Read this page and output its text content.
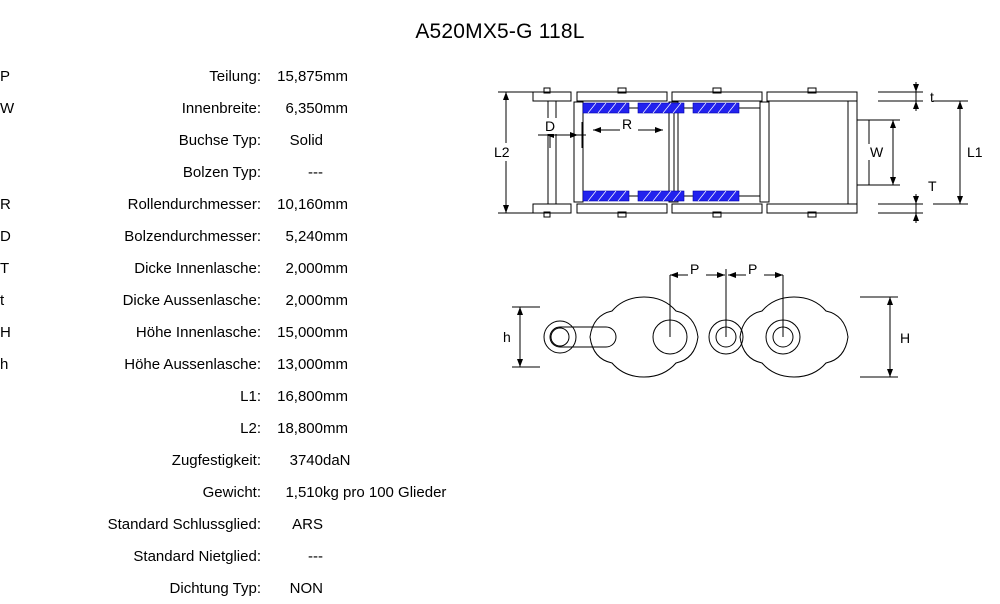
A520MX5-G 118L
P	Teilung:	15,875	mm
W	Innenbreite:	6,350	mm
	Buchse Typ:	Solid	
	Bolzen Typ:	---	
R	Rollendurchmesser:	10,160	mm
D	Bolzendurchmesser:	5,240	mm
T	Dicke Innenlasche:	2,000	mm
t	Dicke Aussenlasche:	2,000	mm
H	Höhe Innenlasche:	15,000	mm
h	Höhe Aussenlasche:	13,000	mm
	L1:	16,800	mm
	L2:	18,800	mm
	Zugfestigkeit:	3740	daN
	Gewicht:	1,510	kg pro 100 Glieder
	Standard Schlussglied:	ARS	
	Standard Nietglied:	---	
	Dichtung Typ:	NON	
L2
D	R
t
W
T
L1
P	P
h	H
